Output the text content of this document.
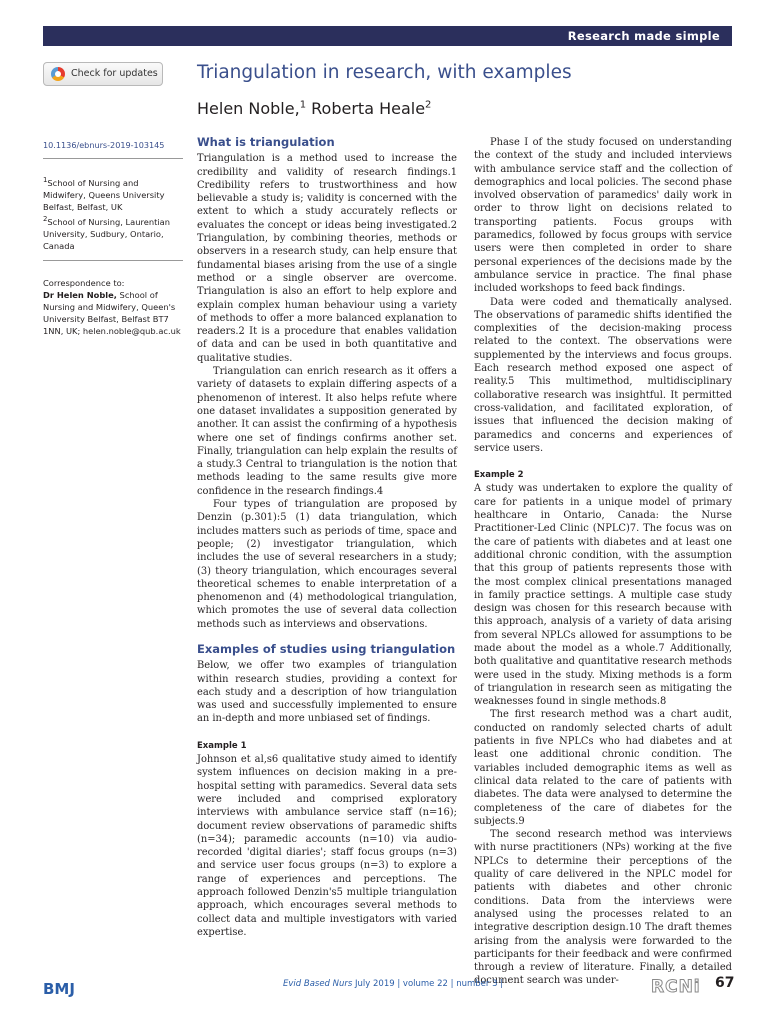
Research made simple
Check for updates Triangulation in research, with examples
Helen Noble,$^1$ Roberta Heale$^2$
10.1136/ebnurs-2019-103145

$^1$School of Nursing and Midwifery, Queens University Belfast, Belfast, UK

$^2$School of Nursing, Laurentian University, Sudbury, Ontario, Canada

Correspondence to:

Dr Helen Noble, School of Nursing and Midwifery, Queen's University Belfast, Belfast BT7 1NN, UK; helen.noble@qub.ac.uk

What is triangulation

Triangulation is a method used to increase the credibility and validity of research findings.1 Credibility refers to trustworthiness and how believable a study is; validity is concerned with the extent to which a study accurately reflects or evaluates the concept or ideas being investigated.2 Triangulation, by combining theories, methods or observers in a research study, can help ensure that fundamental biases arising from the use of a single method or a single observer are overcome. Triangulation is also an effort to help explore and explain complex human behaviour using a variety of methods to offer a more balanced explanation to readers.2 It is a procedure that enables validation of data and can be used in both quantitative and qualitative studies.

Triangulation can enrich research as it offers a variety of datasets to explain differing aspects of a phenomenon of interest. It also helps refute where one dataset invalidates a supposition generated by another. It can assist the confirming of a hypothesis where one set of findings confirms another set. Finally, triangulation can help explain the results of a study.3 Central to triangulation is the notion that methods leading to the same results give more confidence in the research findings.4

Four types of triangulation are proposed by Denzin (p.301):5 (1) data triangulation, which includes matters such as periods of time, space and people; (2) investigator triangulation, which includes the use of several researchers in a study; (3) theory triangulation, which encourages several theoretical schemes to enable interpretation of a phenomenon and (4) methodological triangulation, which promotes the use of several data collection methods such as interviews and observations.

Examples of studies using triangulation

Below, we offer two examples of triangulation within research studies, providing a context for each study and a description of how triangulation was used and successfully implemented to ensure an in-depth and more unbiased set of findings.

Example 1

Johnson et al,s6 qualitative study aimed to identify system influences on decision making in a pre-hospital setting with paramedics. Several data sets were included and comprised exploratory interviews with ambulance service staff (n=16); document review observations of paramedic shifts (n=34); paramedic accounts (n=10) via audio-recorded 'digital diaries'; staff focus groups (n=3) and service user focus groups (n=3) to explore a range of experiences and perceptions. The approach followed Denzin's5 multiple triangulation approach, which encourages several methods to collect data and multiple investigators with varied expertise.

Phase I of the study focused on understanding the context of the study and included interviews with ambulance service staff and the collection of demographics and local policies. The second phase involved observation of paramedics' daily work in order to throw light on decisions related to transporting patients. Focus groups with paramedics, followed by focus groups with service users were then completed in order to share personal experiences of the decisions made by the ambulance service in practice. The final phase included workshops to feed back findings.

Data were coded and thematically analysed. The observations of paramedic shifts identified the complexities of the decision-making process related to the context. The observations were supplemented by the interviews and focus groups. Each research method exposed one aspect of reality.5 This multimethod, multidisciplinary collaborative research was insightful. It permitted cross-validation, and facilitated exploration, of issues that influenced the decision making of paramedics and concerns and experiences of service users.

Example 2

A study was undertaken to explore the quality of care for patients in a unique model of primary healthcare in Ontario, Canada: the Nurse Practitioner-Led Clinic (NPLC)7. The focus was on the care of patients with diabetes and at least one additional chronic condition, with the assumption that this group of patients represents those with the most complex clinical presentations managed in family practice settings. A multiple case study design was chosen for this research because with this approach, analysis of a variety of data arising from several NPLCs allowed for assumptions to be made about the model as a whole.7 Additionally, both qualitative and quantitative research methods were used in the study. Mixing methods is a form of triangulation in research seen as mitigating the weaknesses found in single methods.8

The first research method was a chart audit, conducted on randomly selected charts of adult patients in five NPLCs who had diabetes and at least one additional chronic condition. The variables included demographic items as well as clinical data related to the care of patients with diabetes. The data were analysed to determine the completeness of the care of diabetes for the subjects.9

The second research method was interviews with nurse practitioners (NPs) working at the five NPLCs to determine their perceptions of the quality of care delivered in the NPLC model for patients with diabetes and other chronic conditions. Data from the interviews were analysed using the processes related to an integrative description design.10 The draft themes arising from the analysis were forwarded to the participants for their feedback and were confirmed through a review of literature. Finally, a detailed document search was under-

BMJ	Evid Based Nurs July 2019 | volume 22 | number 3 |	RCNi 67
